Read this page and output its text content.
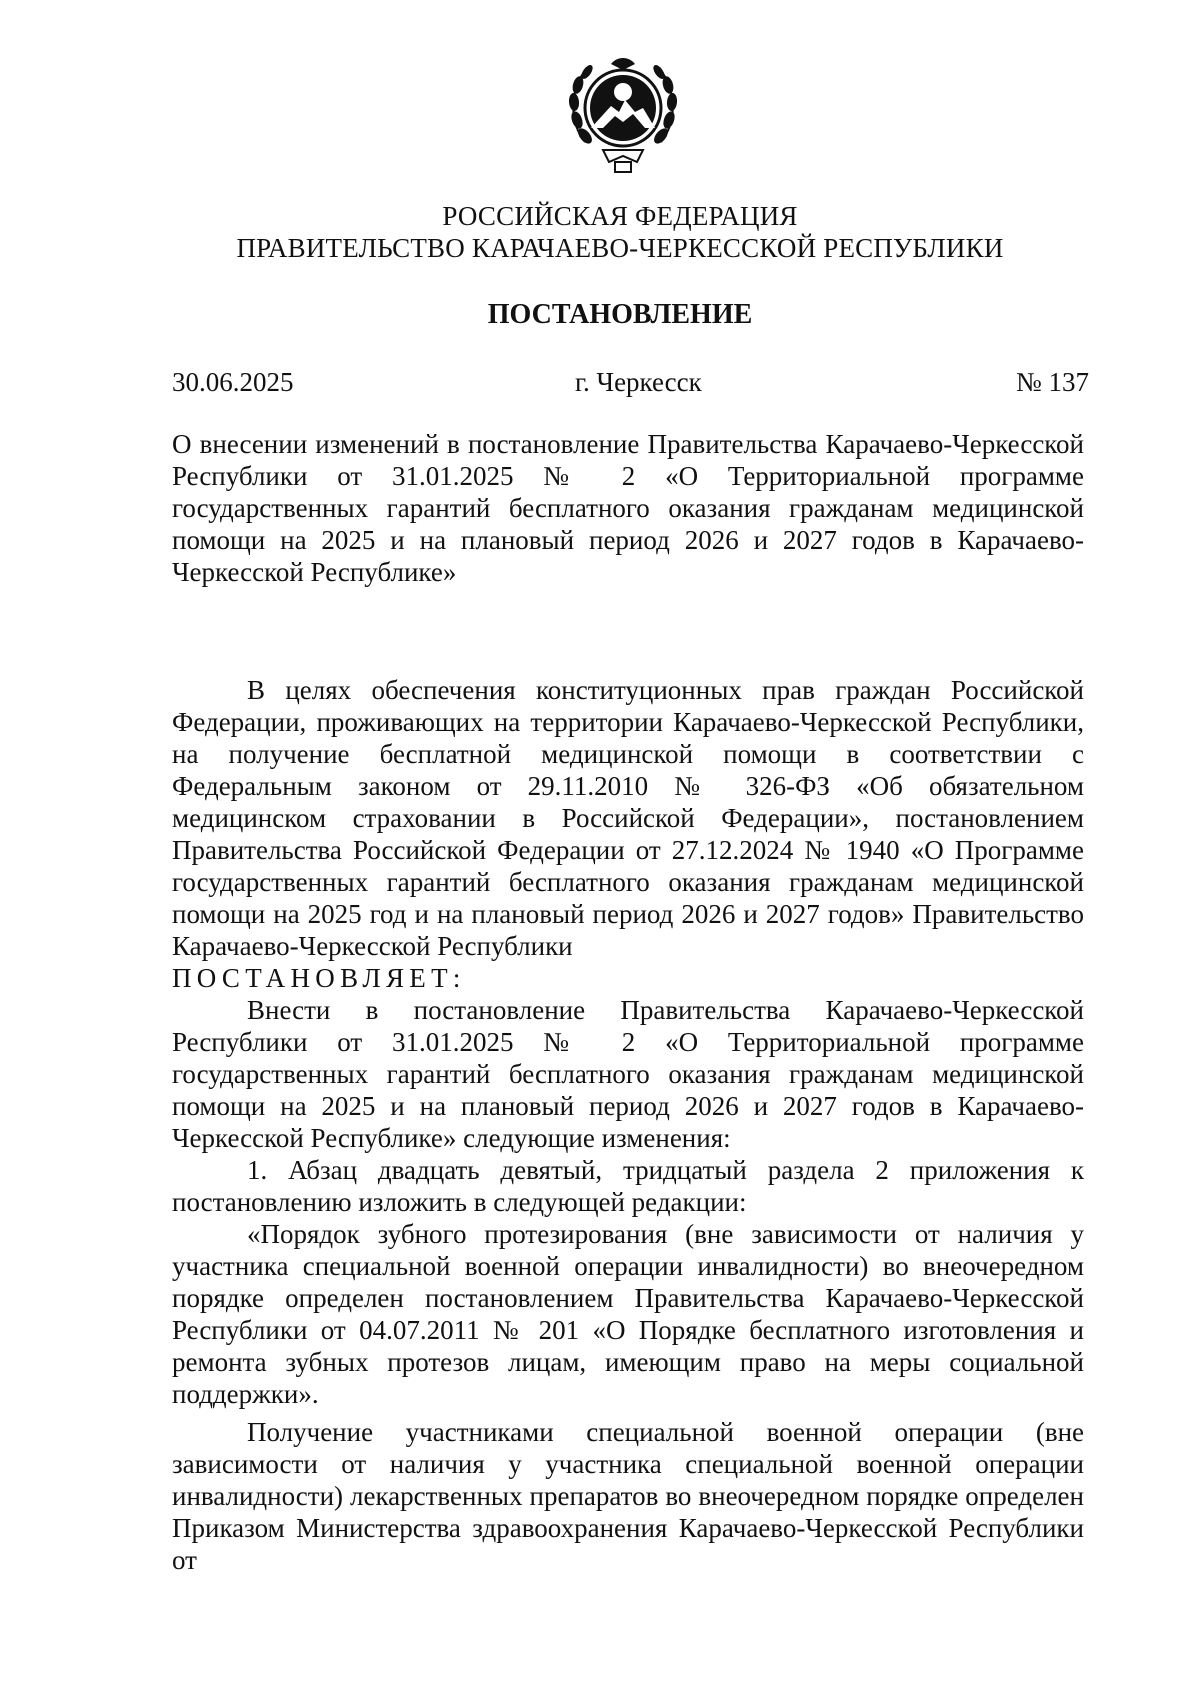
РОССИЙСКАЯ ФЕДЕРАЦИЯ
ПРАВИТЕЛЬСТВО КАРАЧАЕВО-ЧЕРКЕССКОЙ РЕСПУБЛИКИ
ПОСТАНОВЛЕНИЕ
30.06.2025	г. Черкесск	№ 137

О внесении изменений в постановление Правительства Карачаево-Черкесской Республики от 31.01.2025 № 2 «О Территориальной программе государственных гарантий бесплатного оказания гражданам медицинской помощи на 2025 и на плановый период 2026 и 2027 годов в Карачаево-Черкесской Республике»

В целях обеспечения конституционных прав граждан Российской Федерации, проживающих на территории Карачаево-Черкесской Республики, на получение бесплатной медицинской помощи в соответствии с Федеральным законом от 29.11.2010 № 326-ФЗ «Об обязательном медицинском страховании в Российской Федерации», постановлением Правительства Российской Федерации от 27.12.2024 № 1940 «О Программе государственных гарантий бесплатного оказания гражданам медицинской помощи на 2025 год и на плановый период 2026 и 2027 годов» Правительство Карачаево-Черкесской Республики

ПОСТАНОВЛЯЕТ:

Внести в постановление Правительства Карачаево-Черкесской Республики от 31.01.2025 № 2 «О Территориальной программе государственных гарантий бесплатного оказания гражданам медицинской помощи на 2025 и на плановый период 2026 и 2027 годов в Карачаево-Черкесской Республике» следующие изменения:

1. Абзац двадцать девятый, тридцатый раздела 2 приложения к постановлению изложить в следующей редакции:

«Порядок зубного протезирования (вне зависимости от наличия у участника специальной военной операции инвалидности) во внеочередном порядке определен постановлением Правительства Карачаево-Черкесской Республики от 04.07.2011 № 201 «О Порядке бесплатного изготовления и ремонта зубных протезов лицам, имеющим право на меры социальной поддержки».

Получение участниками специальной военной операции (вне зависимости от наличия у участника специальной военной операции инвалидности) лекарственных препаратов во внеочередном порядке определен Приказом Министерства здравоохранения Карачаево-Черкесской Республики от
